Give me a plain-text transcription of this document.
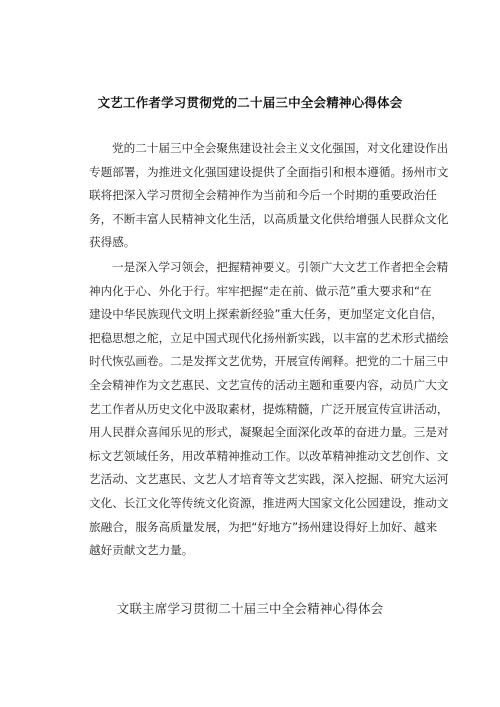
文艺工作者学习贯彻党的二十届三中全会精神心得体会
党的二十届三中全会聚焦建设社会主义文化强国，对文化建设作出
专题部署，为推进文化强国建设提供了全面指引和根本遵循。扬州市文
联将把深入学习贯彻全会精神作为当前和今后一个时期的重要政治任
务，不断丰富人民精神文化生活，以高质量文化供给增强人民群众文化
获得感。
一是深入学习领会，把握精神要义。引领广大文艺工作者把全会精
神内化于心、外化于行。牢牢把握“走在前、做示范”重大要求和“在
建设中华民族现代文明上探索新经验”重大任务，更加坚定文化自信，
把稳思想之舵，立足中国式现代化扬州新实践，以丰富的艺术形式描绘
时代恢弘画卷。二是发挥文艺优势，开展宣传阐释。把党的二十届三中
全会精神作为文艺惠民、文艺宣传的活动主题和重要内容，动员广大文
艺工作者从历史文化中汲取素材，提炼精髓，广泛开展宣传宣讲活动，
用人民群众喜闻乐见的形式，凝聚起全面深化改革的奋进力量。三是对
标文艺领域任务，用改革精神推动工作。以改革精神推动文艺创作、文
艺活动、文艺惠民、文艺人才培育等文艺实践，深入挖掘、研究大运河
文化、长江文化等传统文化资源，推进两大国家文化公园建设，推动文
旅融合，服务高质量发展，为把“好地方”扬州建设得好上加好、越来
越好贡献文艺力量。
文联主席学习贯彻二十届三中全会精神心得体会
